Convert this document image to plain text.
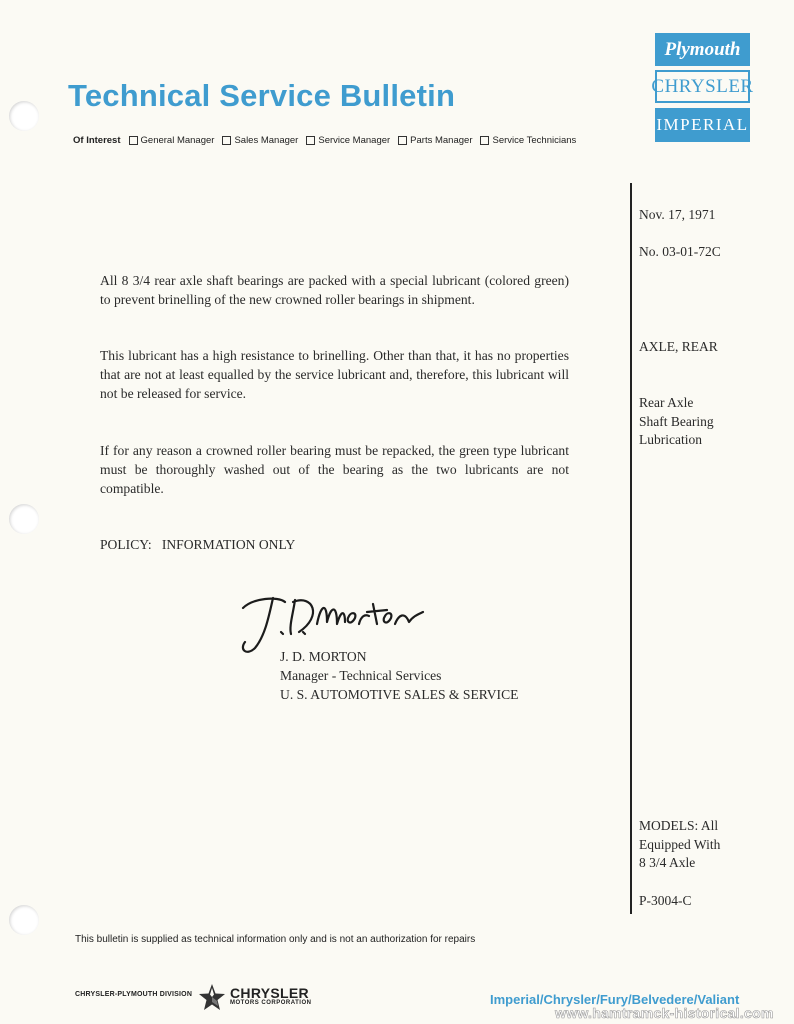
Technical Service Bulletin
Plymouth
CHRYSLER
IMPERIAL
Of Interest General Manager Sales Manager Service Manager Parts Manager Service Technicians
Nov. 17, 1971
No. 03-01-72C
AXLE, REAR
Rear Axle
Shaft Bearing
Lubrication
MODELS: All
Equipped With
8 3/4 Axle
P-3004-C
All 8 3/4 rear axle shaft bearings are packed with a special lubricant (colored green) to prevent brinelling of the new crowned roller bearings in shipment.
This lubricant has a high resistance to brinelling. Other than that, it has no properties that are not at least equalled by the service lubricant and, therefore, this lubricant will not be released for service.
If for any reason a crowned roller bearing must be repacked, the green type lubricant must be thoroughly washed out of the bearing as the two lubricants are not compatible.
POLICY:   INFORMATION ONLY
J. D. MORTON
Manager - Technical Services
U. S. AUTOMOTIVE SALES & SERVICE
This bulletin is supplied as technical information only and is not an authorization for repairs
CHRYSLER-PLYMOUTH DIVISION	CHRYSLER
MOTORS CORPORATION	Imperial/Chrysler/Fury/Belvedere/Valiant
www.hamtramck-historical.com
